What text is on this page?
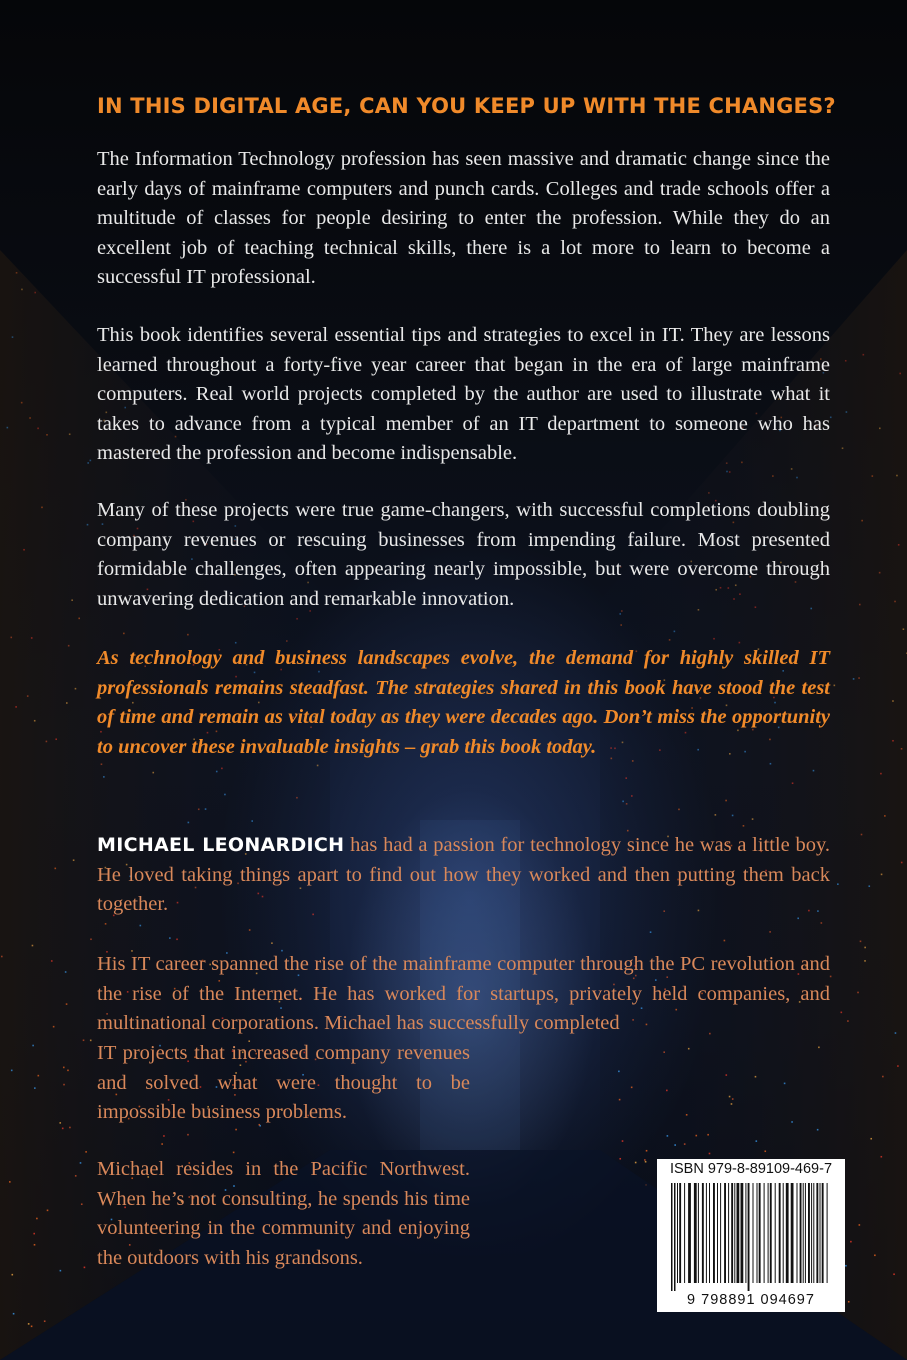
IN THIS DIGITAL AGE, CAN YOU KEEP UP WITH THE CHANGES?

The Information Technology profession has seen massive and dramatic change since the early days of mainframe computers and punch cards. Colleges and trade schools offer a multitude of classes for people desiring to enter the profession. While they do an excellent job of teaching technical skills, there is a lot more to learn to become a successful IT professional.

This book identifies several essential tips and strategies to excel in IT. They are lessons learned throughout a forty-five year career that began in the era of large mainframe computers. Real world projects completed by the author are used to illustrate what it takes to advance from a typical member of an IT department to someone who has mastered the profession and become indispensable.

Many of these projects were true game-changers, with successful completions doubling company revenues or rescuing businesses from impending failure. Most presented formidable challenges, often appearing nearly impossible, but were overcome through unwavering dedication and remarkable innovation.

As technology and business landscapes evolve, the demand for highly skilled IT professionals remains steadfast. The strategies shared in this book have stood the test of time and remain as vital today as they were decades ago. Don’t miss the opportunity to uncover these invaluable insights – grab this book today.

MICHAEL LEONARDICH has had a passion for technology since he was a little boy. He loved taking things apart to find out how they worked and then putting them back together.

His IT career spanned the rise of the mainframe computer through the PC revolution and the rise of the Internet. He has worked for startups, privately held companies, and multinational corporations. Michael has successfully completed

IT projects that increased company revenues and solved what were thought to be impossible business problems.

Michael resides in the Pacific Northwest. When he’s not consulting, he spends his time volunteering in the community and enjoying the outdoors with his grandsons.

ISBN 979-8-89109-469-7
9 798891 094697
